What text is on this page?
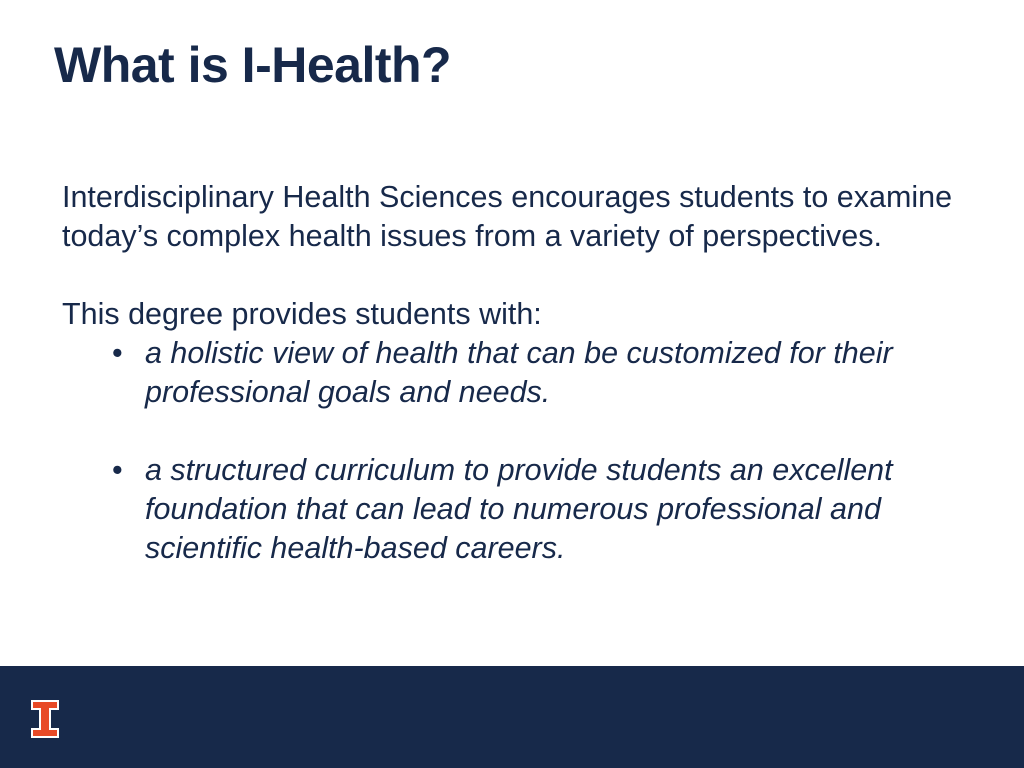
What is I-Health?

Interdisciplinary Health Sciences encourages students to examine today’s complex health issues from a variety of perspectives.

This degree provides students with:

• a holistic view of health that can be customized for their professional goals and needs.
• a structured curriculum to provide students an excellent foundation that can lead to numerous professional and scientific health-based careers.
